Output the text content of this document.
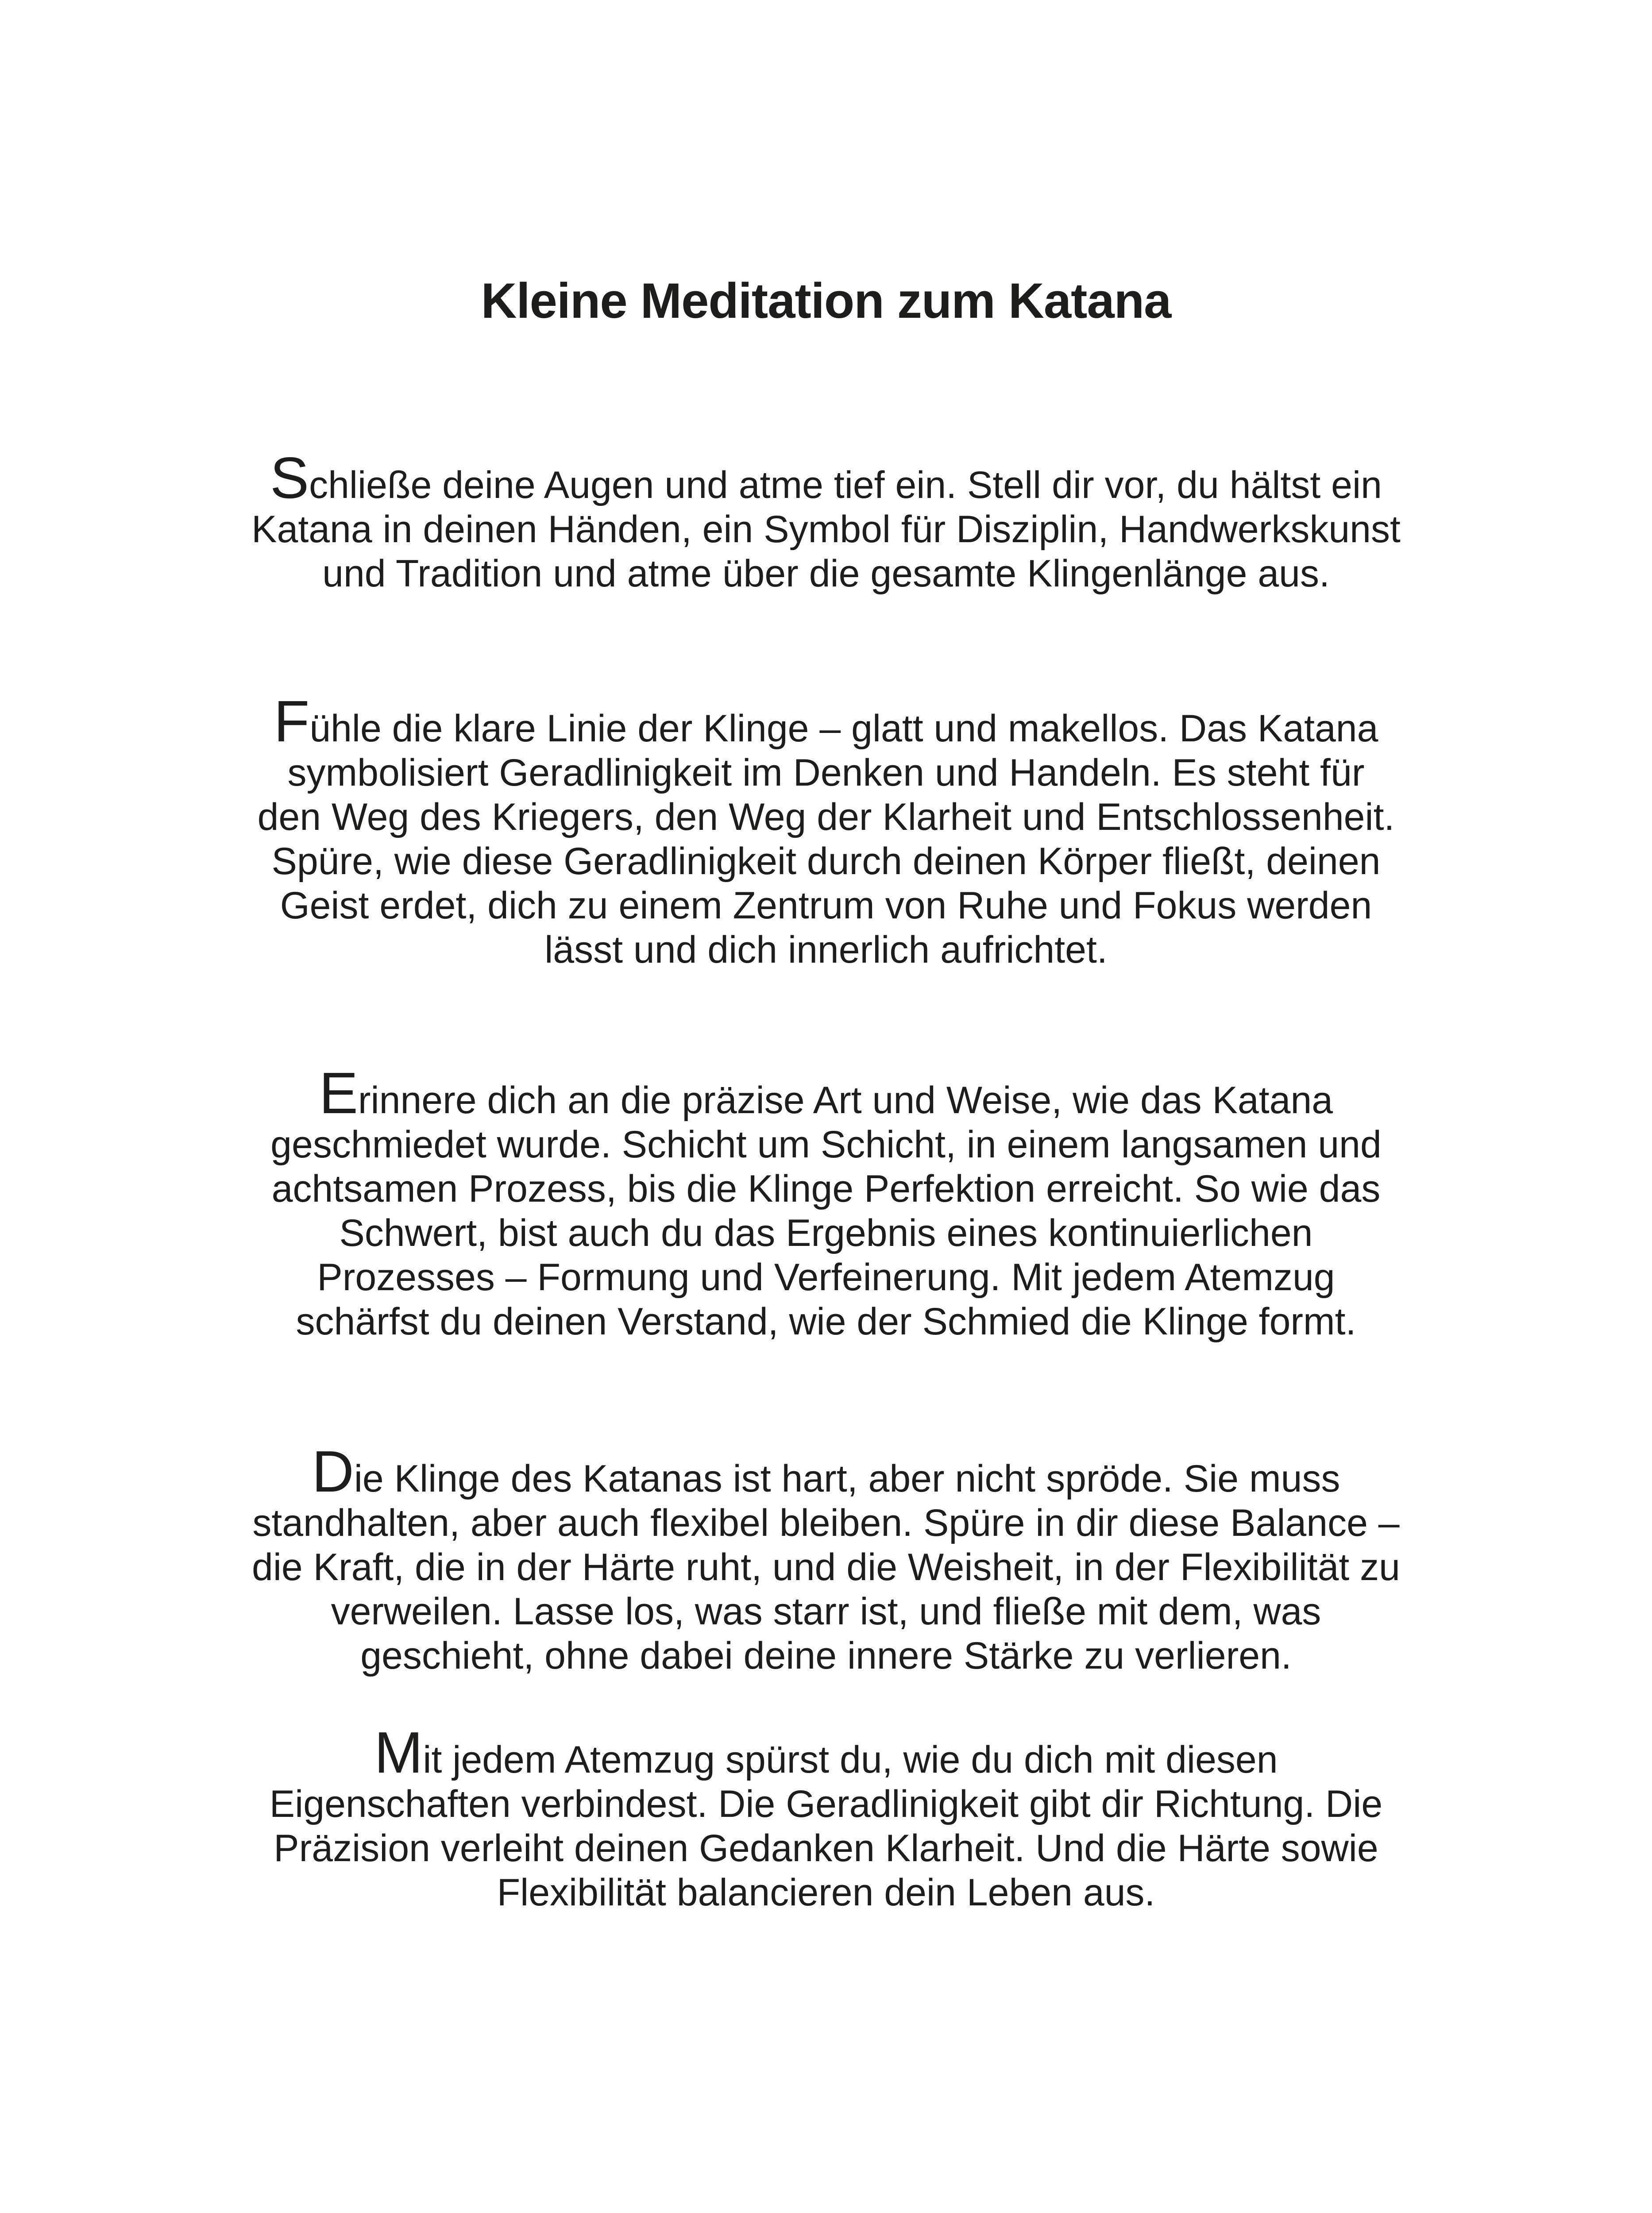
Kleine Meditation zum Katana

Schließe deine Augen und atme tief ein. Stell dir vor, du hältst ein
Katana in deinen Händen, ein Symbol für Disziplin, Handwerkskunst
und Tradition und atme über die gesamte Klingenlänge aus.

Fühle die klare Linie der Klinge – glatt und makellos. Das Katana
symbolisiert Geradlinigkeit im Denken und Handeln. Es steht für
den Weg des Kriegers, den Weg der Klarheit und Entschlossenheit.
Spüre, wie diese Geradlinigkeit durch deinen Körper fließt, deinen
Geist erdet, dich zu einem Zentrum von Ruhe und Fokus werden
lässt und dich innerlich aufrichtet.

Erinnere dich an die präzise Art und Weise, wie das Katana
geschmiedet wurde. Schicht um Schicht, in einem langsamen und
achtsamen Prozess, bis die Klinge Perfektion erreicht. So wie das
Schwert, bist auch du das Ergebnis eines kontinuierlichen
Prozesses – Formung und Verfeinerung. Mit jedem Atemzug
schärfst du deinen Verstand, wie der Schmied die Klinge formt.

Die Klinge des Katanas ist hart, aber nicht spröde. Sie muss
standhalten, aber auch flexibel bleiben. Spüre in dir diese Balance –
die Kraft, die in der Härte ruht, und die Weisheit, in der Flexibilität zu
verweilen. Lasse los, was starr ist, und fließe mit dem, was
geschieht, ohne dabei deine innere Stärke zu verlieren.

Mit jedem Atemzug spürst du, wie du dich mit diesen
Eigenschaften verbindest. Die Geradlinigkeit gibt dir Richtung. Die
Präzision verleiht deinen Gedanken Klarheit. Und die Härte sowie
Flexibilität balancieren dein Leben aus.
